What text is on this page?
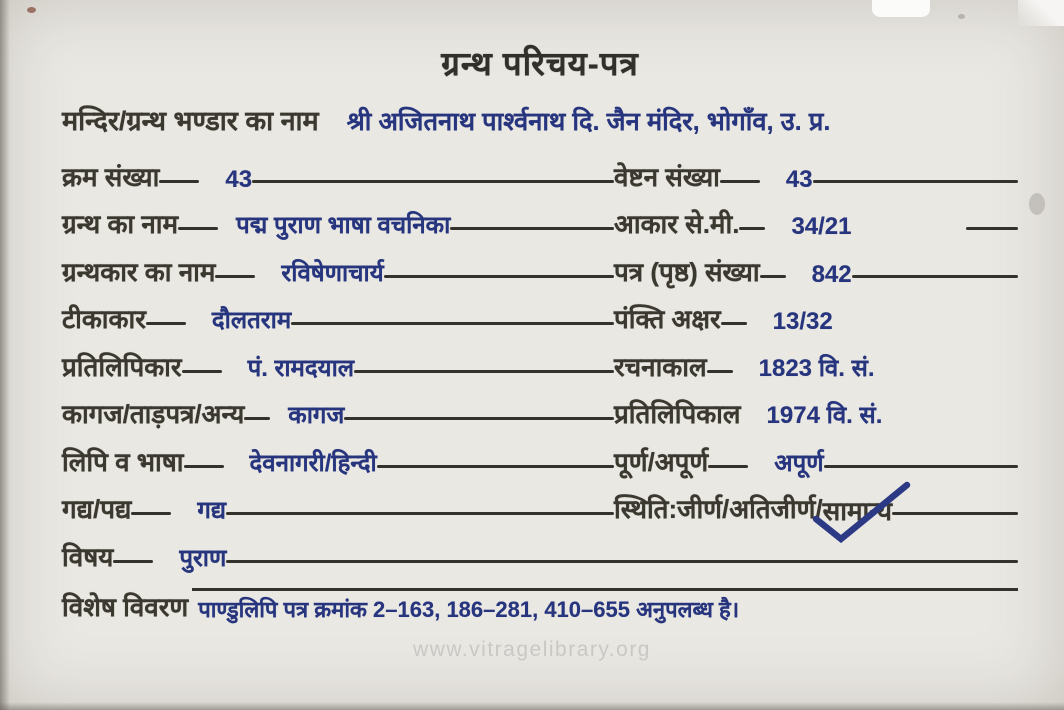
ग्रन्थ परिचय-पत्र
मन्दिर/ग्रन्थ भण्डार का नाम श्री अजितनाथ पार्श्वनाथ दि. जैन मंदिर, भोगाँव, उ. प्र.
क्रम संख्या	43	वेष्टन संख्या	43
ग्रन्थ का नाम पद्म पुराण भाषा वचनिका	आकार से.मी. 34/21
ग्रन्थकार का नाम	रविषेणाचार्य	पत्र (पृष्ठ) संख्या 842
टीकाकार	दौलतराम	पंक्ति अक्षर 13/32
प्रतिलिपिकार	पं. रामदयाल	रचनाकाल 1823 वि. सं.
कागज/ताड़पत्र/अन्य कागज	प्रतिलिपिकाल 1974 वि. सं.
लिपि व भाषा	देवनागरी/हिन्दी	पूर्ण/अपूर्ण	अपूर्ण
गद्य/पद्य	गद्य	स्थिति:जीर्ण/अतिजीर्ण/ सामान्य
विषय	पुराण
विशेष विवरण पाण्डुलिपि पत्र क्रमांक 2–163, 186–281, 410–655 अनुपलब्ध है।
www.vitragelibrary.org
